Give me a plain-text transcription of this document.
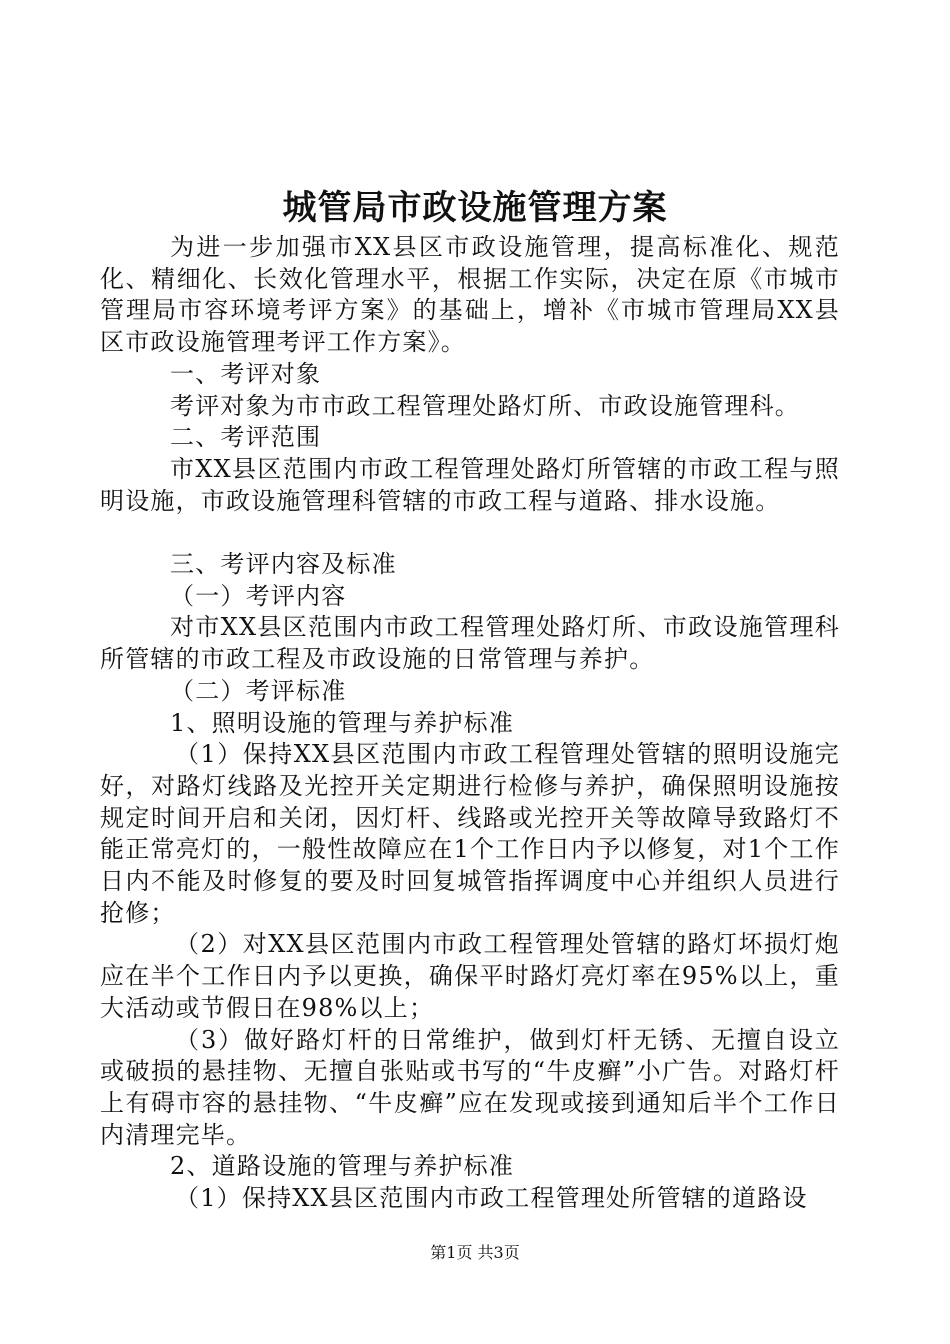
城管局市政设施管理方案

为进一步加强市XX县区市政设施管理，提高标准化、规范化、精细化、长效化管理水平，根据工作实际，决定在原《市城市管理局市容环境考评方案》的基础上，增补《市城市管理局XX县区市政设施管理考评工作方案》。

一、考评对象

考评对象为市市政工程管理处路灯所、市政设施管理科。

二、考评范围

市XX县区范围内市政工程管理处路灯所管辖的市政工程与照明设施，市政设施管理科管辖的市政工程与道路、排水设施。

三、考评内容及标准

（一）考评内容

对市XX县区范围内市政工程管理处路灯所、市政设施管理科所管辖的市政工程及市政设施的日常管理与养护。

（二）考评标准

1、照明设施的管理与养护标准

（1）保持XX县区范围内市政工程管理处管辖的照明设施完好，对路灯线路及光控开关定期进行检修与养护，确保照明设施按规定时间开启和关闭，因灯杆、线路或光控开关等故障导致路灯不能正常亮灯的，一般性故障应在1个工作日内予以修复，对1个工作日内不能及时修复的要及时回复城管指挥调度中心并组织人员进行抢修；

（2）对XX县区范围内市政工程管理处管辖的路灯坏损灯炮应在半个工作日内予以更换，确保平时路灯亮灯率在95%以上，重大活动或节假日在98%以上；

（3）做好路灯杆的日常维护，做到灯杆无锈、无擅自设立或破损的悬挂物、无擅自张贴或书写的“牛皮癣”小广告。对路灯杆上有碍市容的悬挂物、“牛皮癣”应在发现或接到通知后半个工作日内清理完毕。

2、道路设施的管理与养护标准

（1）保持XX县区范围内市政工程管理处所管辖的道路设

第1页 共3页
